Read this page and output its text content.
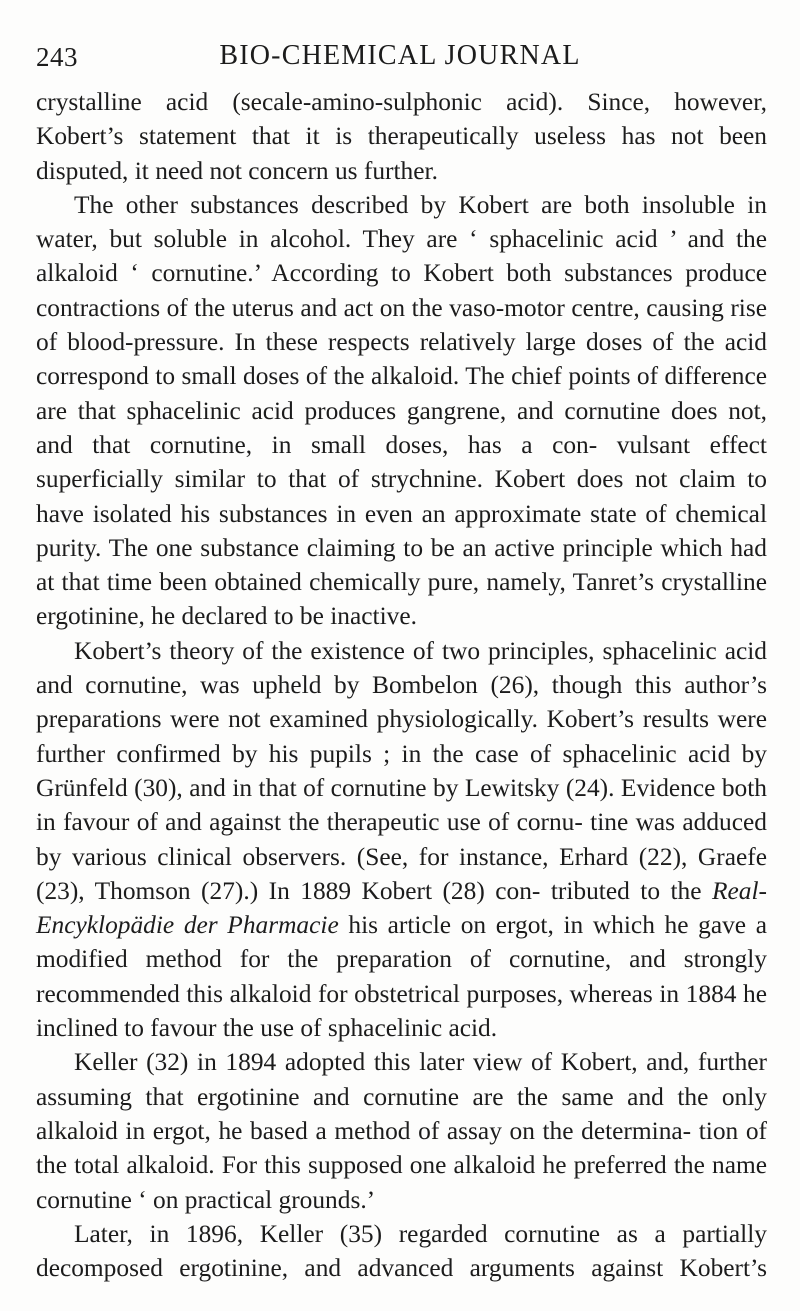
243	BIO-CHEMICAL JOURNAL

crystalline acid (secale-amino-sulphonic acid). Since, however, Kobert’s statement that it is therapeutically useless has not been disputed, it need not concern us further.

The other substances described by Kobert are both insoluble in water, but soluble in alcohol. They are ‘ sphacelinic acid ’ and the alkaloid ‘ cornutine.’ According to Kobert both substances produce contractions of the uterus and act on the vaso-motor centre, causing rise of blood-pressure. In these respects relatively large doses of the acid correspond to small doses of the alkaloid. The chief points of difference are that sphacelinic acid produces gangrene, and cornutine does not, and that cornutine, in small doses, has a con- vulsant effect superficially similar to that of strychnine. Kobert does not claim to have isolated his substances in even an approximate state of chemical purity. The one substance claiming to be an active principle which had at that time been obtained chemically pure, namely, Tanret’s crystalline ergotinine, he declared to be inactive.

Kobert’s theory of the existence of two principles, sphacelinic acid and cornutine, was upheld by Bombelon (26), though this author’s preparations were not examined physiologically. Kobert’s results were further confirmed by his pupils ; in the case of sphacelinic acid by Grünfeld (30), and in that of cornutine by Lewitsky (24). Evidence both in favour of and against the therapeutic use of cornu- tine was adduced by various clinical observers. (See, for instance, Erhard (22), Graefe (23), Thomson (27).) In 1889 Kobert (28) con- tributed to the Real-Encyklopädie der Pharmacie his article on ergot, in which he gave a modified method for the preparation of cornutine, and strongly recommended this alkaloid for obstetrical purposes, whereas in 1884 he inclined to favour the use of sphacelinic acid.

Keller (32) in 1894 adopted this later view of Kobert, and, further assuming that ergotinine and cornutine are the same and the only alkaloid in ergot, he based a method of assay on the determina- tion of the total alkaloid. For this supposed one alkaloid he preferred the name cornutine ‘ on practical grounds.’

Later, in 1896, Keller (35) regarded cornutine as a partially decomposed ergotinine, and advanced arguments against Kobert’s
